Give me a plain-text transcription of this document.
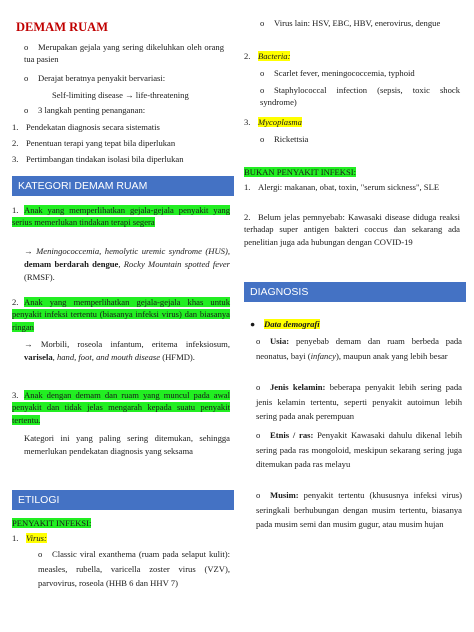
DEMAM RUAM
o Merupakan gejala yang sering dikeluhkan oleh orang tua pasien
o Derajat beratnya penyakit bervariasi:
Self-limiting disease → life-threatening
o 3 langkah penting penanganan:
1. Pendekatan diagnosis secara sistematis
2. Penentuan terapi yang tepat bila diperlukan
3. Pertimbangan tindakan isolasi bila diperlukan
KATEGORI DEMAM RUAM
1. Anak yang memperlihatkan gejala-gejala penyakit yang serius memerlukan tindakan terapi segera
→ Meningococcemia, hemolytic uremic syndrome (HUS), demam berdarah dengue, Rocky Mountain spotted fever (RMSF).
2. Anak yang memperlihatkan gejala-gejala khas untuk penyakit infeksi tertentu (biasanya infeksi virus) dan biasanya ringan
→ Morbili, roseola infantum, eritema infeksiosum, varisela, hand, foot, and mouth disease (HFMD).
3. Anak dengan demam dan ruam yang muncul pada awal penyakit dan tidak jelas mengarah kepada suatu penyakit tertentu.
Kategori ini yang paling sering ditemukan, sehingga memerlukan pendekatan diagnosis yang seksama
ETILOGI
PENYAKIT INFEKSI:
1. Virus:
o Classic viral exanthema (ruam pada selaput kulit): measles, rubella, varicella zoster virus (VZV), parvovirus, roseola (HHB 6 dan HHV 7)
o Virus lain: HSV, EBC, HBV, enerovirus, dengue
2. Bacteria:
o Scarlet fever, meningococcemia, typhoid
o Staphylococcal infection (sepsis, toxic shock syndrome)
3. Mycoplasma
o Rickettsia
BUKAN PENYAKIT INFEKSI:
1. Alergi: makanan, obat, toxin, "serum sickness", SLE
2. Belum jelas pemnyebab: Kawasaki disease diduga reaksi terhadap super antigen bakteri coccus dan sekarang ada penelitian juga ada hubungan dengan COVID-19
DIAGNOSIS
● Data demografi
o Usia: penyebab demam dan ruam berbeda pada neonatus, bayi (infancy), maupun anak yang lebih besar
o Jenis kelamin: beberapa penyakit lebih sering pada jenis kelamin tertentu, seperti penyakit autoimun lebih sering pada anak perempuan
o Etnis / ras: Penyakit Kawasaki dahulu dikenal lebih sering pada ras mongoloid, meskipun sekarang sering juga ditemukan pada ras melayu
o Musim: penyakit tertentu (khususnya infeksi virus) seringkali berhubungan dengan musim tertentu, biasanya pada musim semi dan musim gugur, atau musim hujan
